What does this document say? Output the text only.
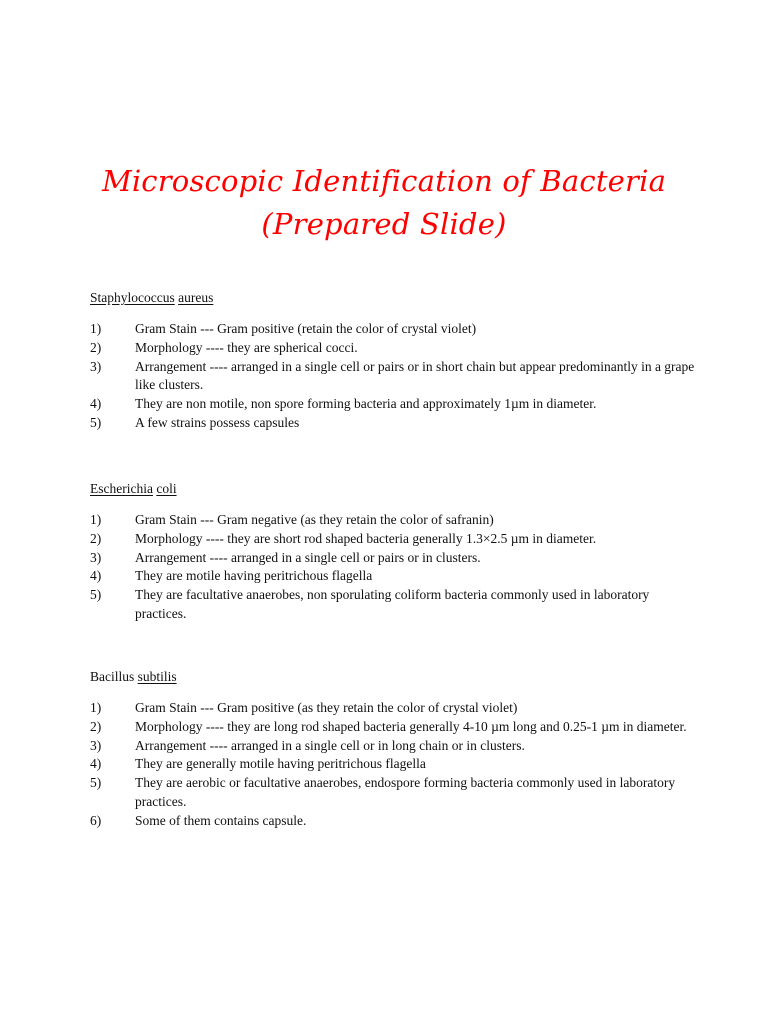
Microscopic Identification of Bacteria
(Prepared Slide)

Staphylococcus aureus

1)	Gram Stain --- Gram positive (retain the color of crystal violet)
2)	Morphology ---- they are spherical cocci.
3)	Arrangement ---- arranged in a single cell or pairs or in short chain but appear predominantly in a grape like clusters.
4)	They are non motile, non spore forming bacteria and approximately 1µm in diameter.
5)	A few strains possess capsules

Escherichia coli

1)	Gram Stain --- Gram negative (as they retain the color of safranin)
2)	Morphology ---- they are short rod shaped bacteria generally 1.3×2.5 µm in diameter.
3)	Arrangement ---- arranged in a single cell or pairs or in clusters.
4)	They are motile having peritrichous flagella
5)	They are facultative anaerobes, non sporulating coliform bacteria commonly used in laboratory practices.

Bacillus subtilis

1)	Gram Stain --- Gram positive (as they retain the color of crystal violet)
2)	Morphology ---- they are long rod shaped bacteria generally 4-10 µm long and 0.25-1 µm in diameter.
3)	Arrangement ---- arranged in a single cell or in long chain or in clusters.
4)	They are generally motile having peritrichous flagella
5)	They are aerobic or facultative anaerobes, endospore forming bacteria commonly used in laboratory practices.
6)	Some of them contains capsule.
